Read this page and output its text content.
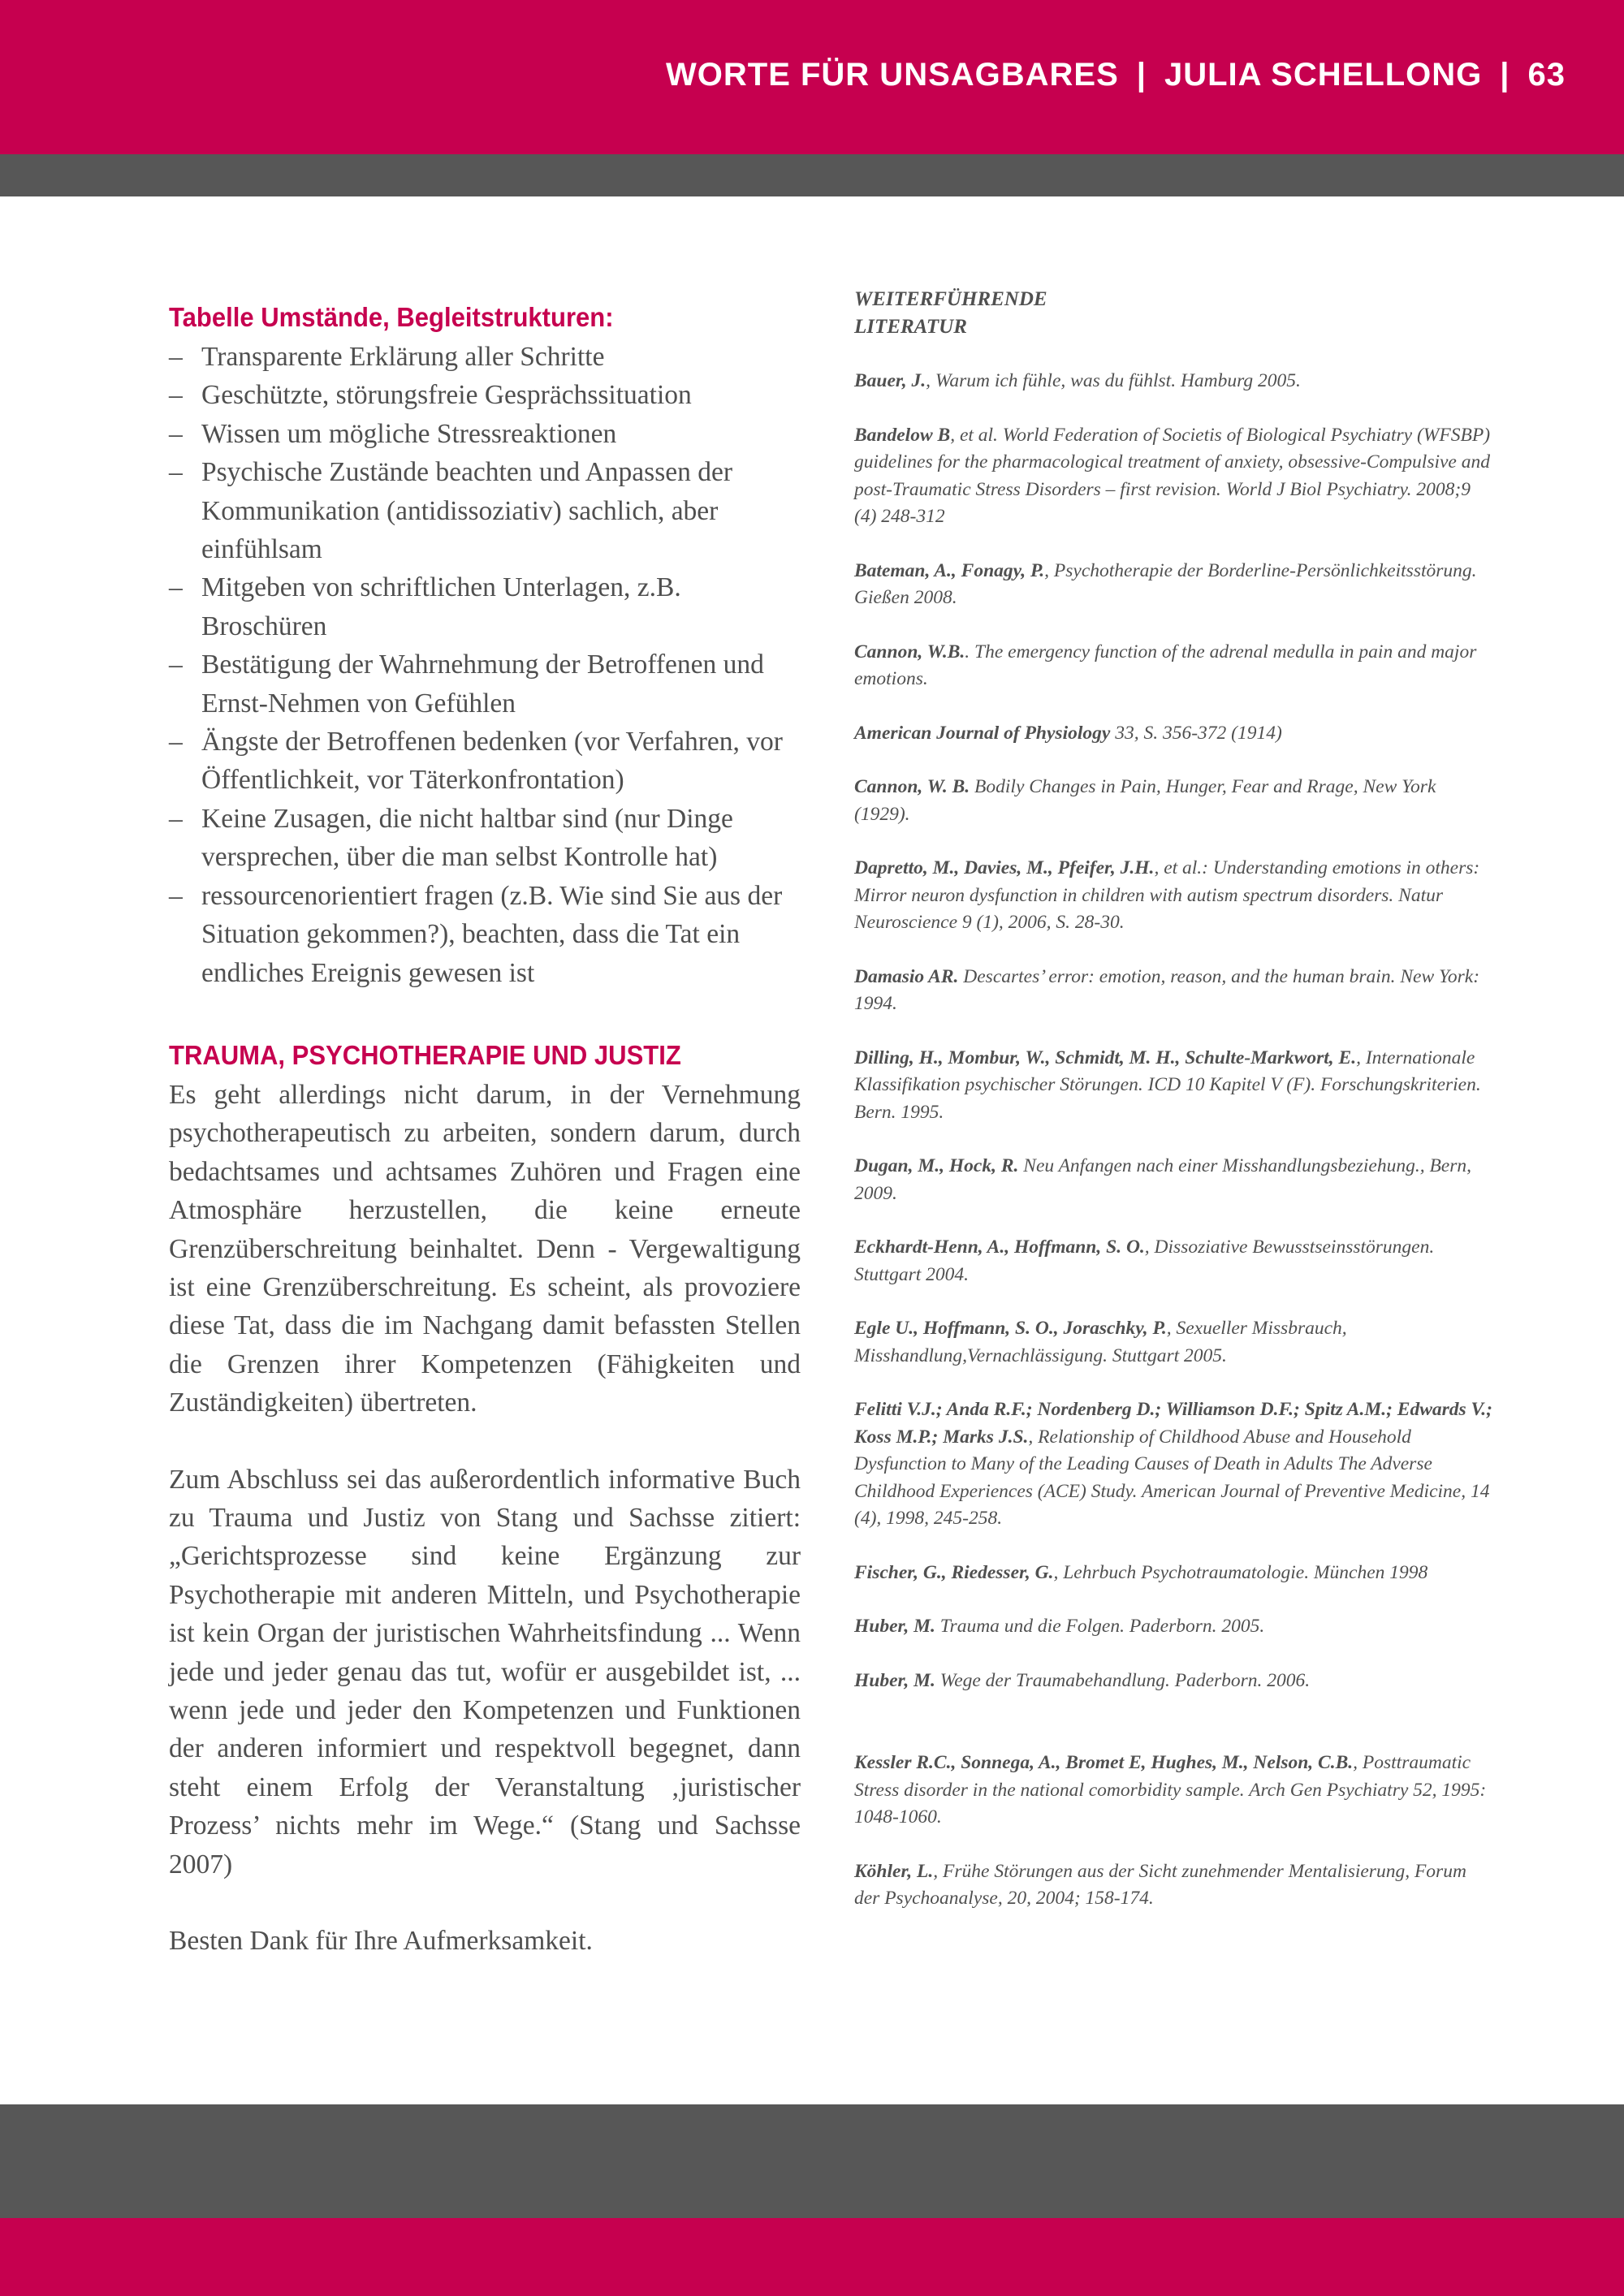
WORTE FÜR UNSAGBARES | JULIA SCHELLONG | 63
Tabelle Umstände, Begleitstrukturen:
– Transparente Erklärung aller Schritte
– Geschützte, störungsfreie Gesprächssituation
– Wissen um mögliche Stressreaktionen
– Psychische Zustände beachten und Anpassen der Kommunikation (antidissoziativ) sachlich, aber einfühlsam
– Mitgeben von schriftlichen Unterlagen, z.B. Broschüren
– Bestätigung der Wahrnehmung der Betroffenen und Ernst-Nehmen von Gefühlen
– Ängste der Betroffenen bedenken (vor Verfahren, vor Öffentlichkeit, vor Täterkonfrontation)
– Keine Zusagen, die nicht haltbar sind (nur Dinge versprechen, über die man selbst Kontrolle hat)
– ressourcenorientiert fragen (z.B. Wie sind Sie aus der Situation gekommen?), beachten, dass die Tat ein endliches Ereignis gewesen ist
TRAUMA, PSYCHOTHERAPIE UND JUSTIZ

Es geht allerdings nicht darum, in der Vernehmung psychotherapeutisch zu arbeiten, sondern darum, durch bedachtsames und achtsames Zuhören und Fragen eine Atmosphäre herzustellen, die keine erneute Grenzüberschreitung beinhaltet. Denn - Vergewaltigung ist eine Grenzüberschreitung. Es scheint, als provoziere diese Tat, dass die im Nachgang damit befassten Stellen die Grenzen ihrer Kompetenzen (Fähigkeiten und Zuständigkeiten) übertreten.

Zum Abschluss sei das außerordentlich informative Buch zu Trauma und Justiz von Stang und Sachsse zitiert: „Gerichtsprozesse sind keine Ergänzung zur Psychotherapie mit anderen Mitteln, und Psychotherapie ist kein Organ der juristischen Wahrheitsfindung ... Wenn jede und jeder genau das tut, wofür er ausgebildet ist, ... wenn jede und jeder den Kompetenzen und Funktionen der anderen informiert und respektvoll begegnet, dann steht einem Erfolg der Veranstaltung ‚juristischer Prozess’ nichts mehr im Wege.“ (Stang und Sachsse 2007)

Besten Dank für Ihre Aufmerksamkeit.

WEITERFÜHRENDE LITERATUR
Bauer, J., Warum ich fühle, was du fühlst. Hamburg 2005.
Bandelow B, et al. World Federation of Societis of Biological Psychiatry (WFSBP) guidelines for the pharmacological treatment of anxiety, obsessive-Compulsive and post-Traumatic Stress Disorders – first revision. World J Biol Psychiatry. 2008;9 (4) 248-312
Bateman, A., Fonagy, P., Psychotherapie der Borderline-Persönlichkeitsstörung. Gießen 2008.
Cannon, W.B.. The emergency function of the adrenal medulla in pain and major emotions.
American Journal of Physiology 33, S. 356-372 (1914)
Cannon, W. B. Bodily Changes in Pain, Hunger, Fear and Rrage, New York (1929).
Dapretto, M., Davies, M., Pfeifer, J.H., et al.: Understanding emotions in others: Mirror neuron dysfunction in children with autism spectrum disorders. Natur Neuroscience 9 (1), 2006, S. 28-30.
Damasio AR. Descartes’ error: emotion, reason, and the human brain. New York: 1994.
Dilling, H., Mombur, W., Schmidt, M. H., Schulte-Markwort, E., Internationale Klassifikation psychischer Störungen. ICD 10 Kapitel V (F). Forschungskriterien. Bern. 1995.
Dugan, M., Hock, R. Neu Anfangen nach einer Misshandlungsbeziehung., Bern, 2009.
Eckhardt-Henn, A., Hoffmann, S. O., Dissoziative Bewusstseinsstörungen. Stuttgart 2004.
Egle U., Hoffmann, S. O., Joraschky, P., Sexueller Missbrauch, Misshandlung,Vernachlässigung. Stuttgart 2005.
Felitti V.J.; Anda R.F.; Nordenberg D.; Williamson D.F.; Spitz A.M.; Edwards V.; Koss M.P.; Marks J.S., Relationship of Childhood Abuse and Household Dysfunction to Many of the Leading Causes of Death in Adults The Adverse Childhood Experiences (ACE) Study. American Journal of Preventive Medicine, 14 (4), 1998, 245-258.
Fischer, G., Riedesser, G., Lehrbuch Psychotraumatologie. München 1998
Huber, M. Trauma und die Folgen. Paderborn. 2005.
Huber, M. Wege der Traumabehandlung. Paderborn. 2006.
Kessler R.C., Sonnega, A., Bromet E, Hughes, M., Nelson, C.B., Posttraumatic Stress disorder in the national comorbidity sample. Arch Gen Psychiatry 52, 1995: 1048-1060.
Köhler, L., Frühe Störungen aus der Sicht zunehmender Mentalisierung, Forum der Psychoanalyse, 20, 2004; 158-174.
